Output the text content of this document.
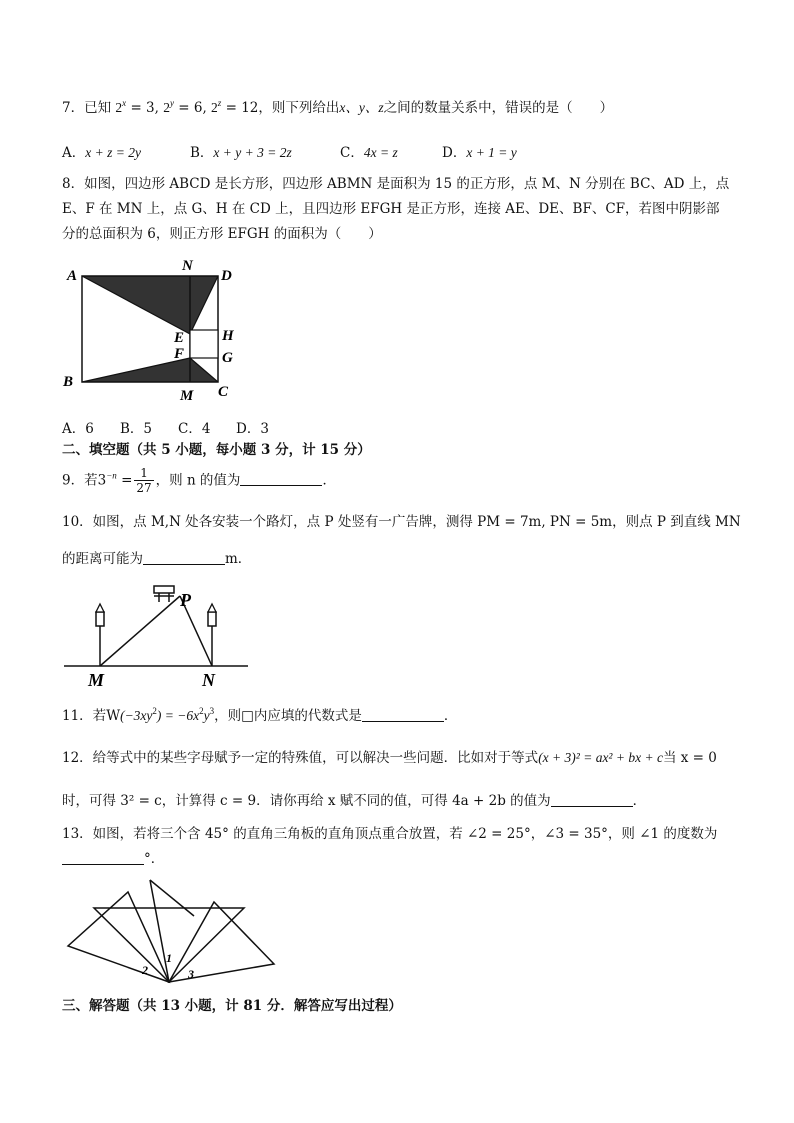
7．已知 $2^x = 3$, $2^y = 6$, $2^z = 12$，则下列给出x、y、z之间的数量关系中，错误的是（　　）
A．x + z = 2y	B．x + y + 3 = 2z	C．4x = z	D．x + 1 = y
8．如图，四边形 ABCD 是长方形，四边形 ABMN 是面积为 15 的正方形，点 M、N 分别在 BC、AD 上，点
E、F 在 MN 上，点 G、H 在 CD 上，且四边形 EFGH 是正方形，连接 AE、DE、BF、CF，若图中阴影部
分的总面积为 6，则正方形 EFGH 的面积为（　　）
A
N
D
E	H
F	G
B
M C
A．6 B．5 C．4 D．3
二、填空题（共 5 小题，每小题 3 分，计 15 分）
9．若$3^{-n} = \frac{1}{27}$ ，则 n 的值为	．
10．如图，点 M,N 处各安装一个路灯，点 P 处竖有一广告牌，测得 PM = 7m, PN = 5m，则点 P 到直线 MN
的距离可能为	m．
P
M	N
11．若$W(-3xy^2) = -6x^2y^3$，则□内应填的代数式是	．
12．给等式中的某些字母赋予一定的特殊值，可以解决一些问题．比如对于等式(x + 3)² = ax² + bx + c当 x = 0
时，可得 3² = c，计算得 c = 9．请你再给 x 赋不同的值，可得 4a + 2b 的值为	．
13．如图，若将三个含 45° 的直角三角板的直角顶点重合放置，若 ∠2 = 25°，∠3 = 35°，则 ∠1 的度数为
°．
1
2	3
三、解答题（共 13 小题，计 81 分．解答应写出过程）
